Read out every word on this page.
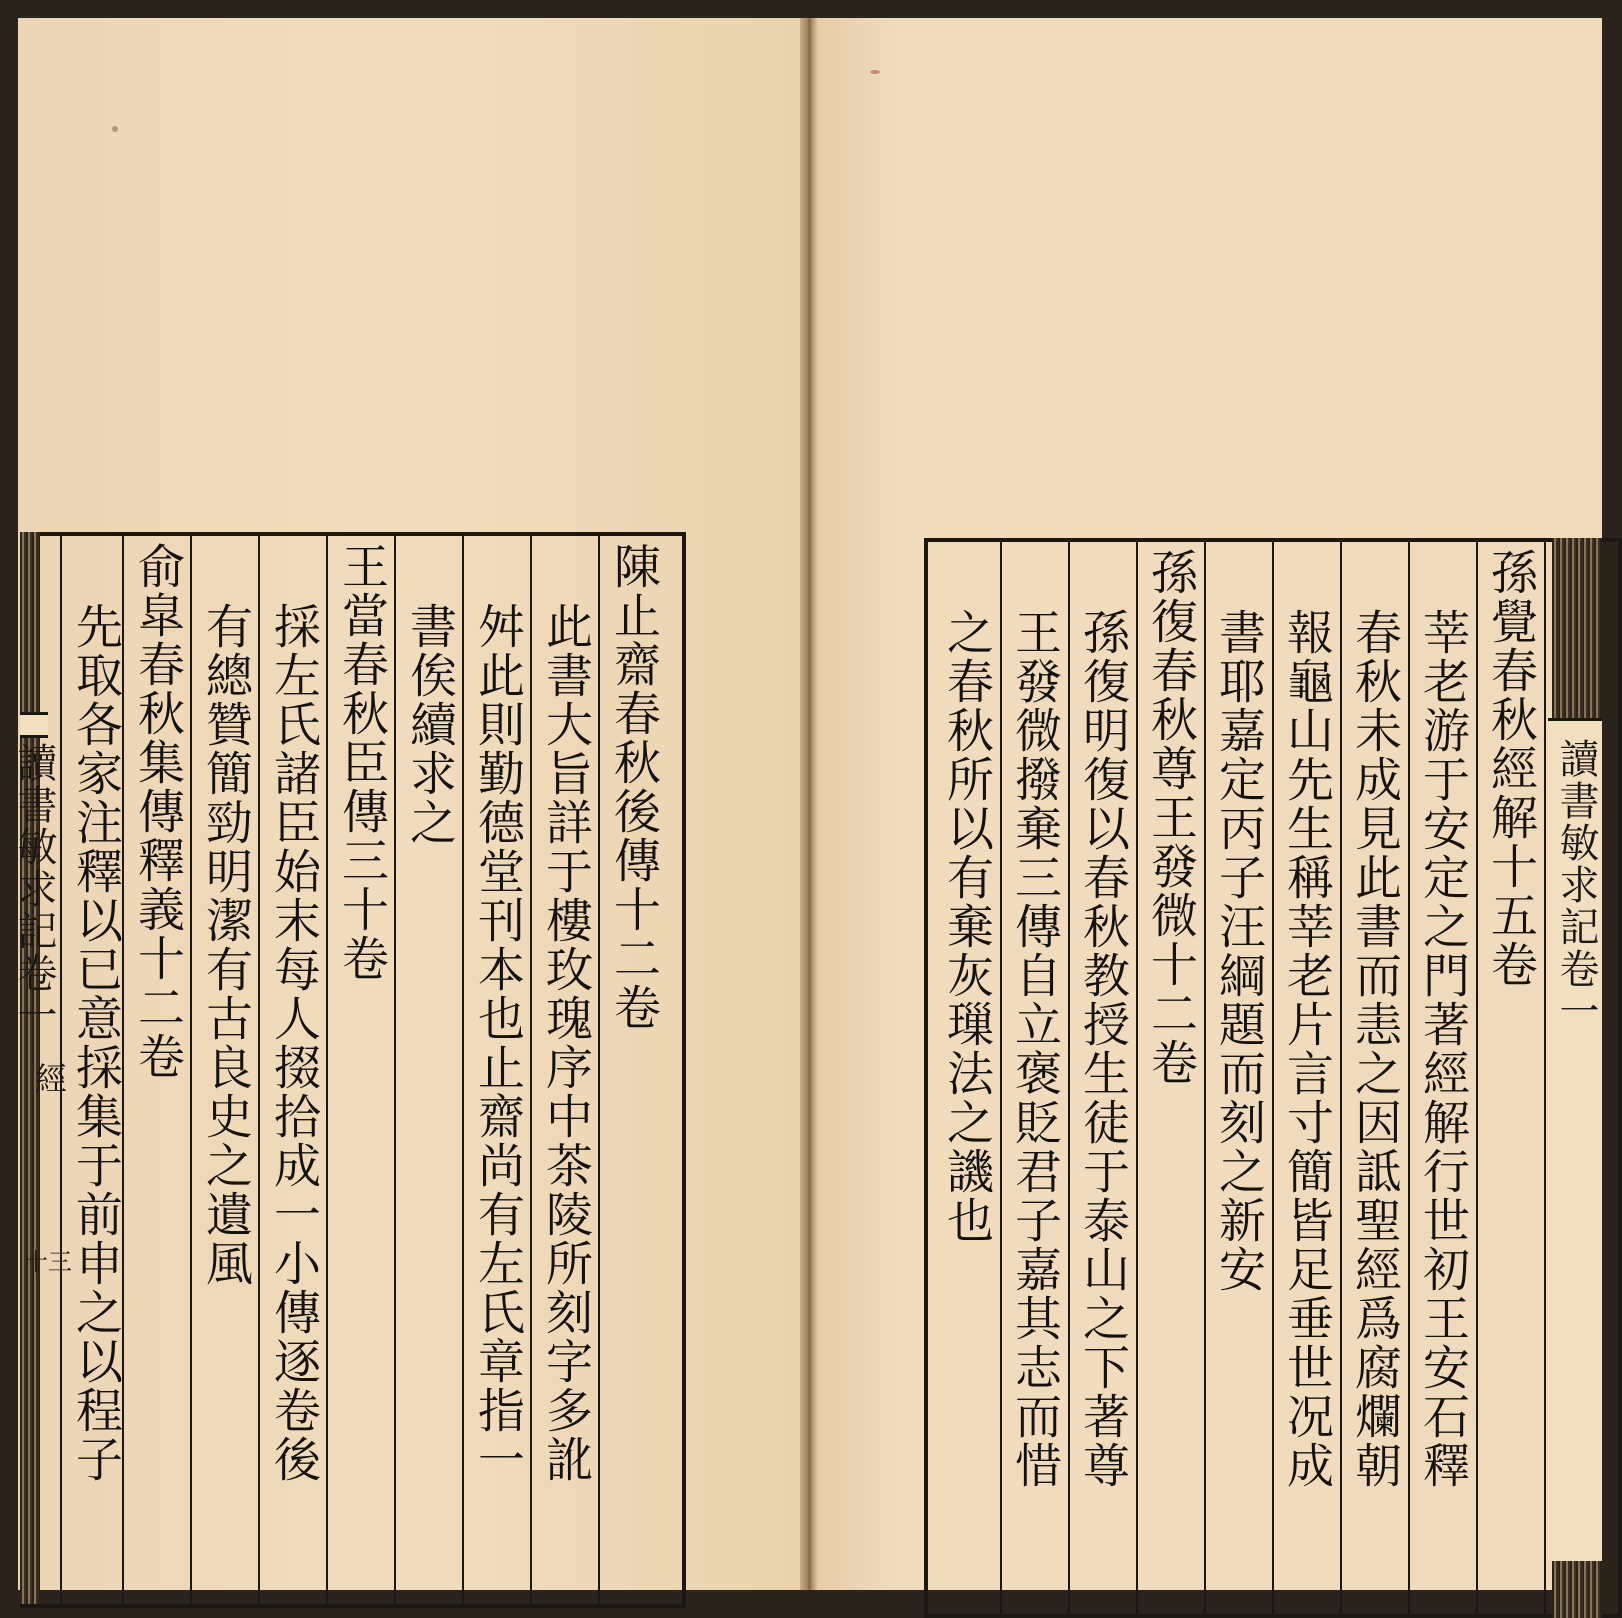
讀書敏求記卷一
經
十三
陳止齋春秋後傳十二卷
此書大旨詳于樓玫瑰序中茶陵所刻字多訛
舛此則勤德堂刊本也止齋尚有左氏章指一
書俟續求之
王當春秋臣傳三十卷
採左氏諸臣始末每人掇拾成一小傳逐卷後
有總贊簡勁明潔有古良史之遺風
俞皐春秋集傳釋義十二卷
先取各家注釋以已意採集于前申之以程子	孫覺春秋經解十五卷
莘老游于安定之門著經解行世初王安石釋
春秋未成見此書而恚之因詆聖經爲腐爛朝
報龜山先生稱莘老片言寸簡皆足垂世况成
書耶嘉定丙子汪綱題而刻之新安
孫復春秋尊王發微十二卷
孫復明復以春秋教授生徒于泰山之下著尊
王發微撥棄三傳自立褒貶君子嘉其志而惜
之春秋所以有棄灰璅法之譏也	讀書敏求記卷一
